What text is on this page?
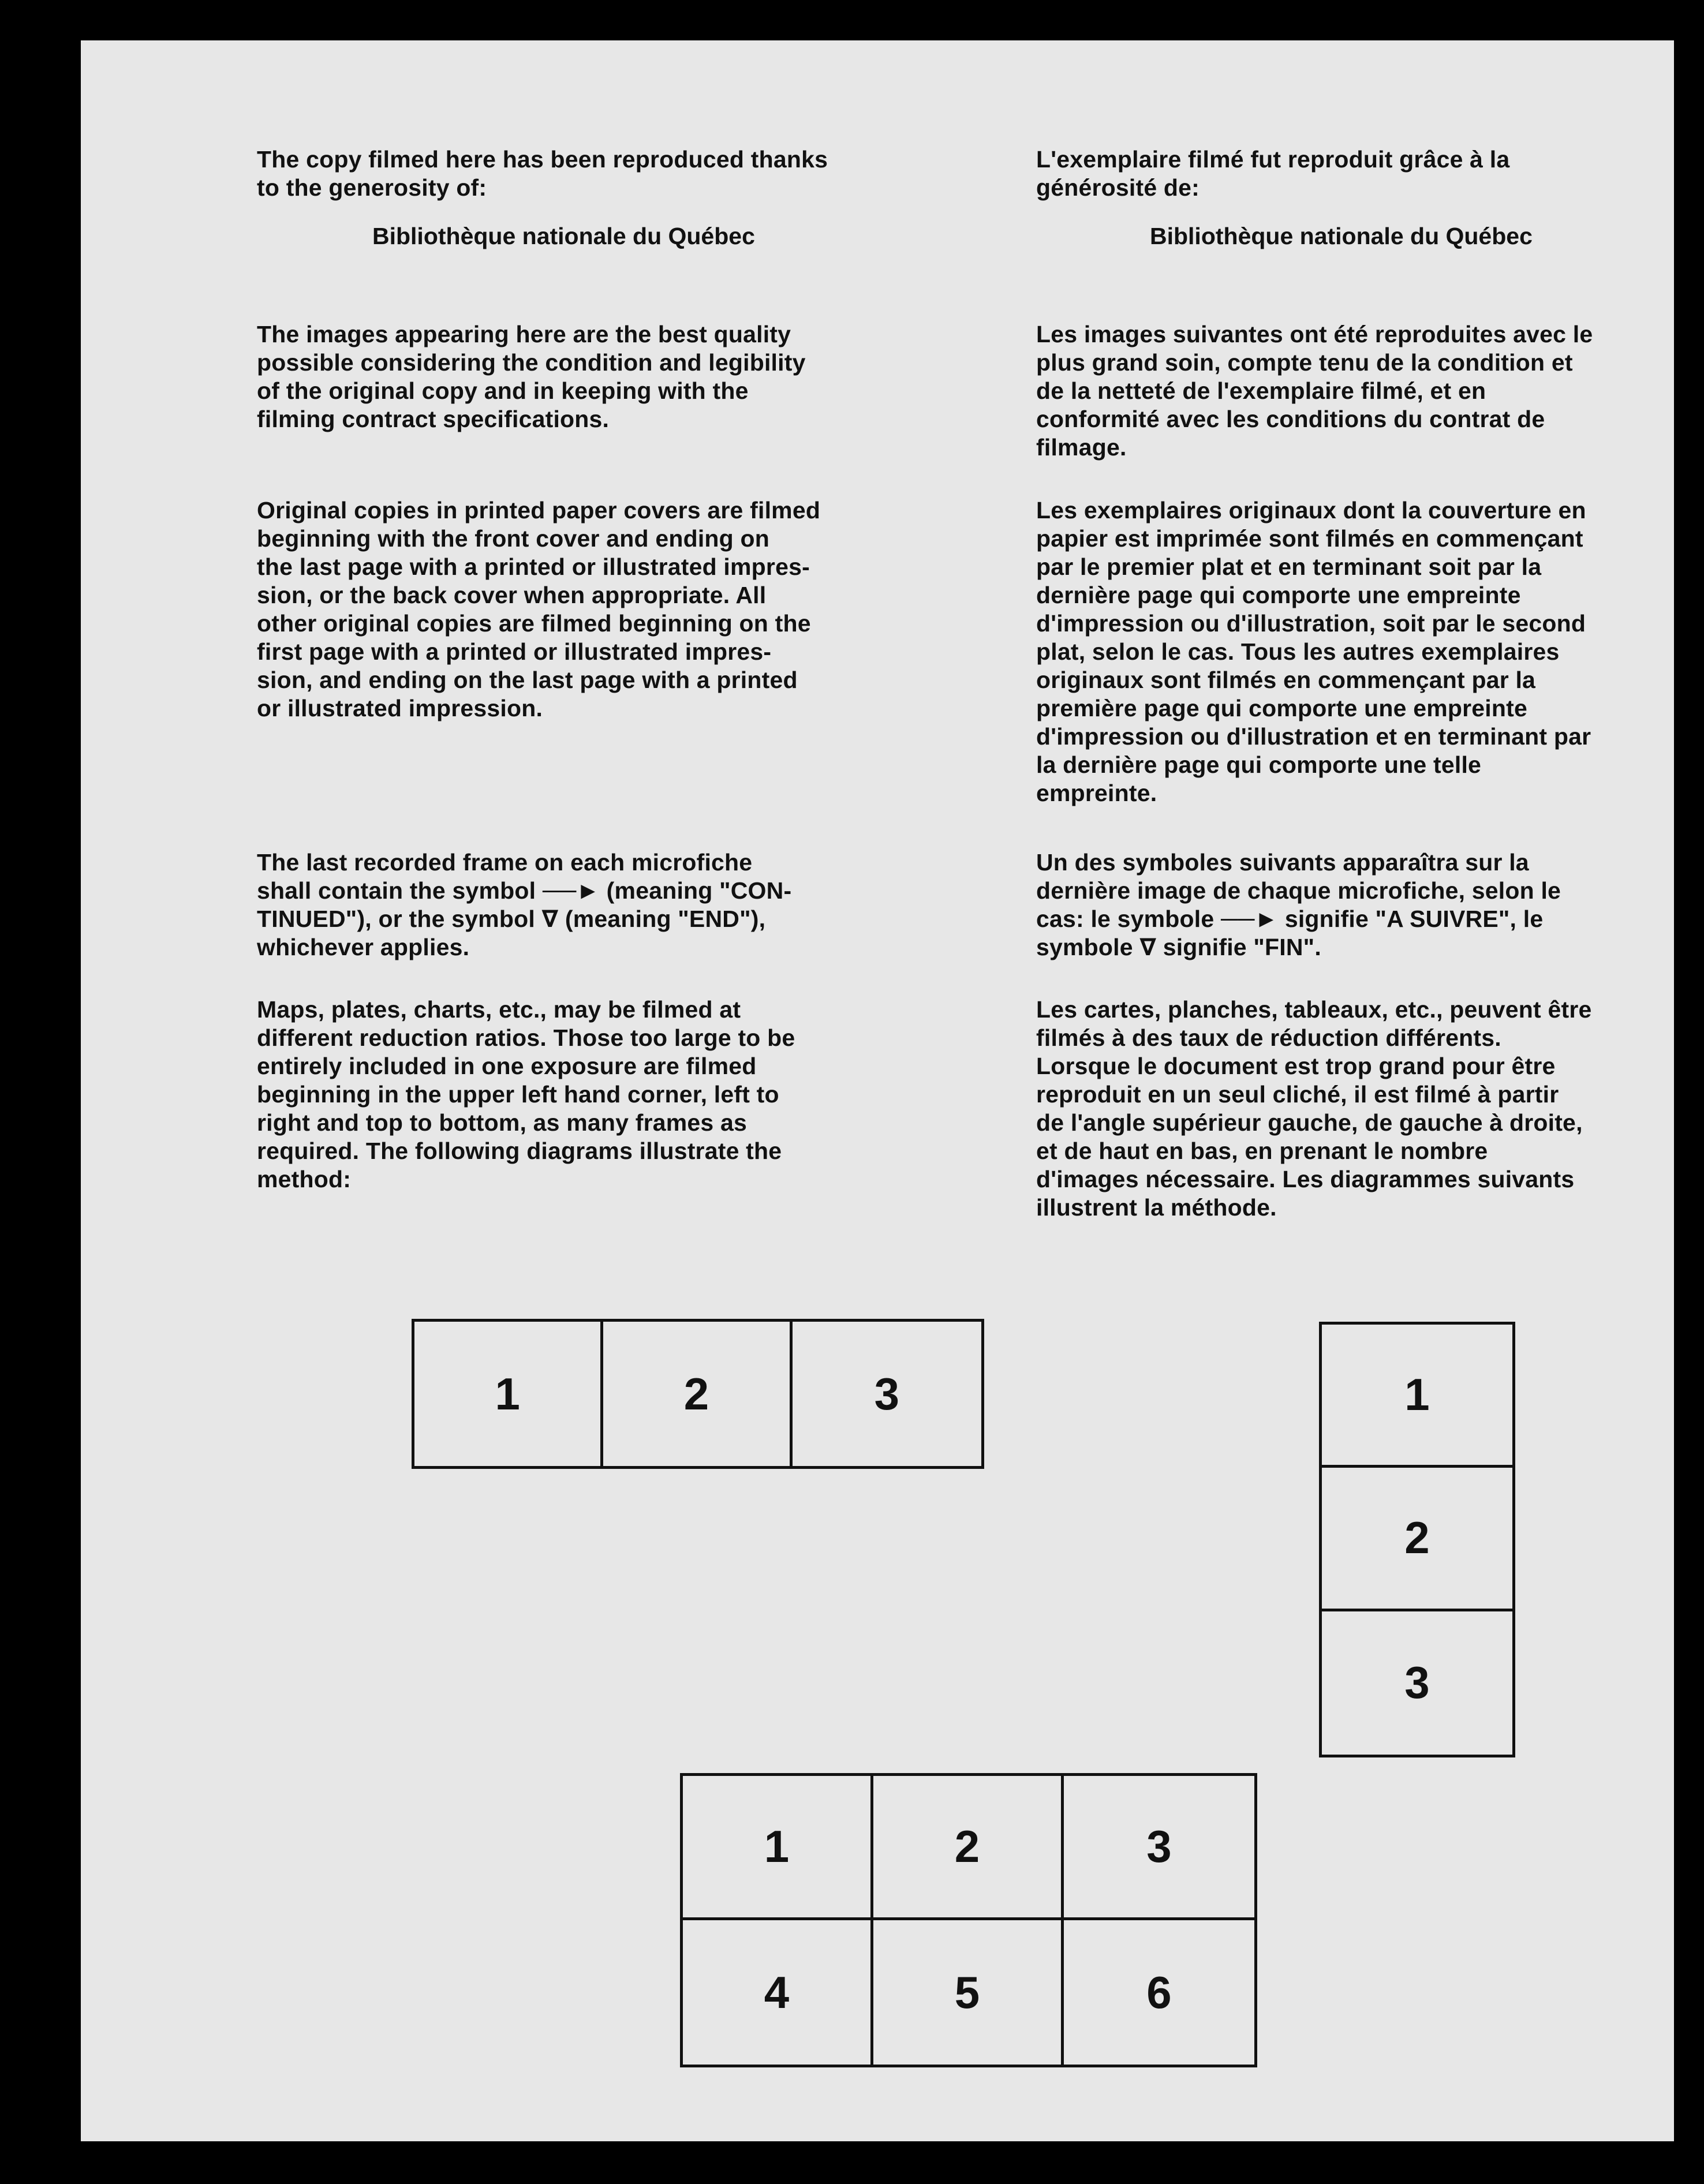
The copy filmed here has been reproduced thanks
to the generosity of:

Bibliothèque nationale du Québec

The images appearing here are the best quality
possible considering the condition and legibility
of the original copy and in keeping with the
filming contract specifications.

Original copies in printed paper covers are filmed
beginning with the front cover and ending on
the last page with a printed or illustrated impres-
sion, or the back cover when appropriate. All
other original copies are filmed beginning on the
first page with a printed or illustrated impres-
sion, and ending on the last page with a printed
or illustrated impression.

The last recorded frame on each microfiche
shall contain the symbol ──► (meaning "CON-
TINUED"), or the symbol ∇ (meaning "END"),
whichever applies.

Maps, plates, charts, etc., may be filmed at
different reduction ratios. Those too large to be
entirely included in one exposure are filmed
beginning in the upper left hand corner, left to
right and top to bottom, as many frames as
required. The following diagrams illustrate the
method:

L'exemplaire filmé fut reproduit grâce à la
générosité de:

Bibliothèque nationale du Québec

Les images suivantes ont été reproduites avec le
plus grand soin, compte tenu de la condition et
de la netteté de l'exemplaire filmé, et en
conformité avec les conditions du contrat de
filmage.

Les exemplaires originaux dont la couverture en
papier est imprimée sont filmés en commençant
par le premier plat et en terminant soit par la
dernière page qui comporte une empreinte
d'impression ou d'illustration, soit par le second
plat, selon le cas. Tous les autres exemplaires
originaux sont filmés en commençant par la
première page qui comporte une empreinte
d'impression ou d'illustration et en terminant par
la dernière page qui comporte une telle
empreinte.

Un des symboles suivants apparaîtra sur la
dernière image de chaque microfiche, selon le
cas: le symbole ──► signifie "A SUIVRE", le
symbole ∇ signifie "FIN".

Les cartes, planches, tableaux, etc., peuvent être
filmés à des taux de réduction différents.
Lorsque le document est trop grand pour être
reproduit en un seul cliché, il est filmé à partir
de l'angle supérieur gauche, de gauche à droite,
et de haut en bas, en prenant le nombre
d'images nécessaire. Les diagrammes suivants
illustrent la méthode.

1	2	3	1
2
3
1	2	3
4	5	6
